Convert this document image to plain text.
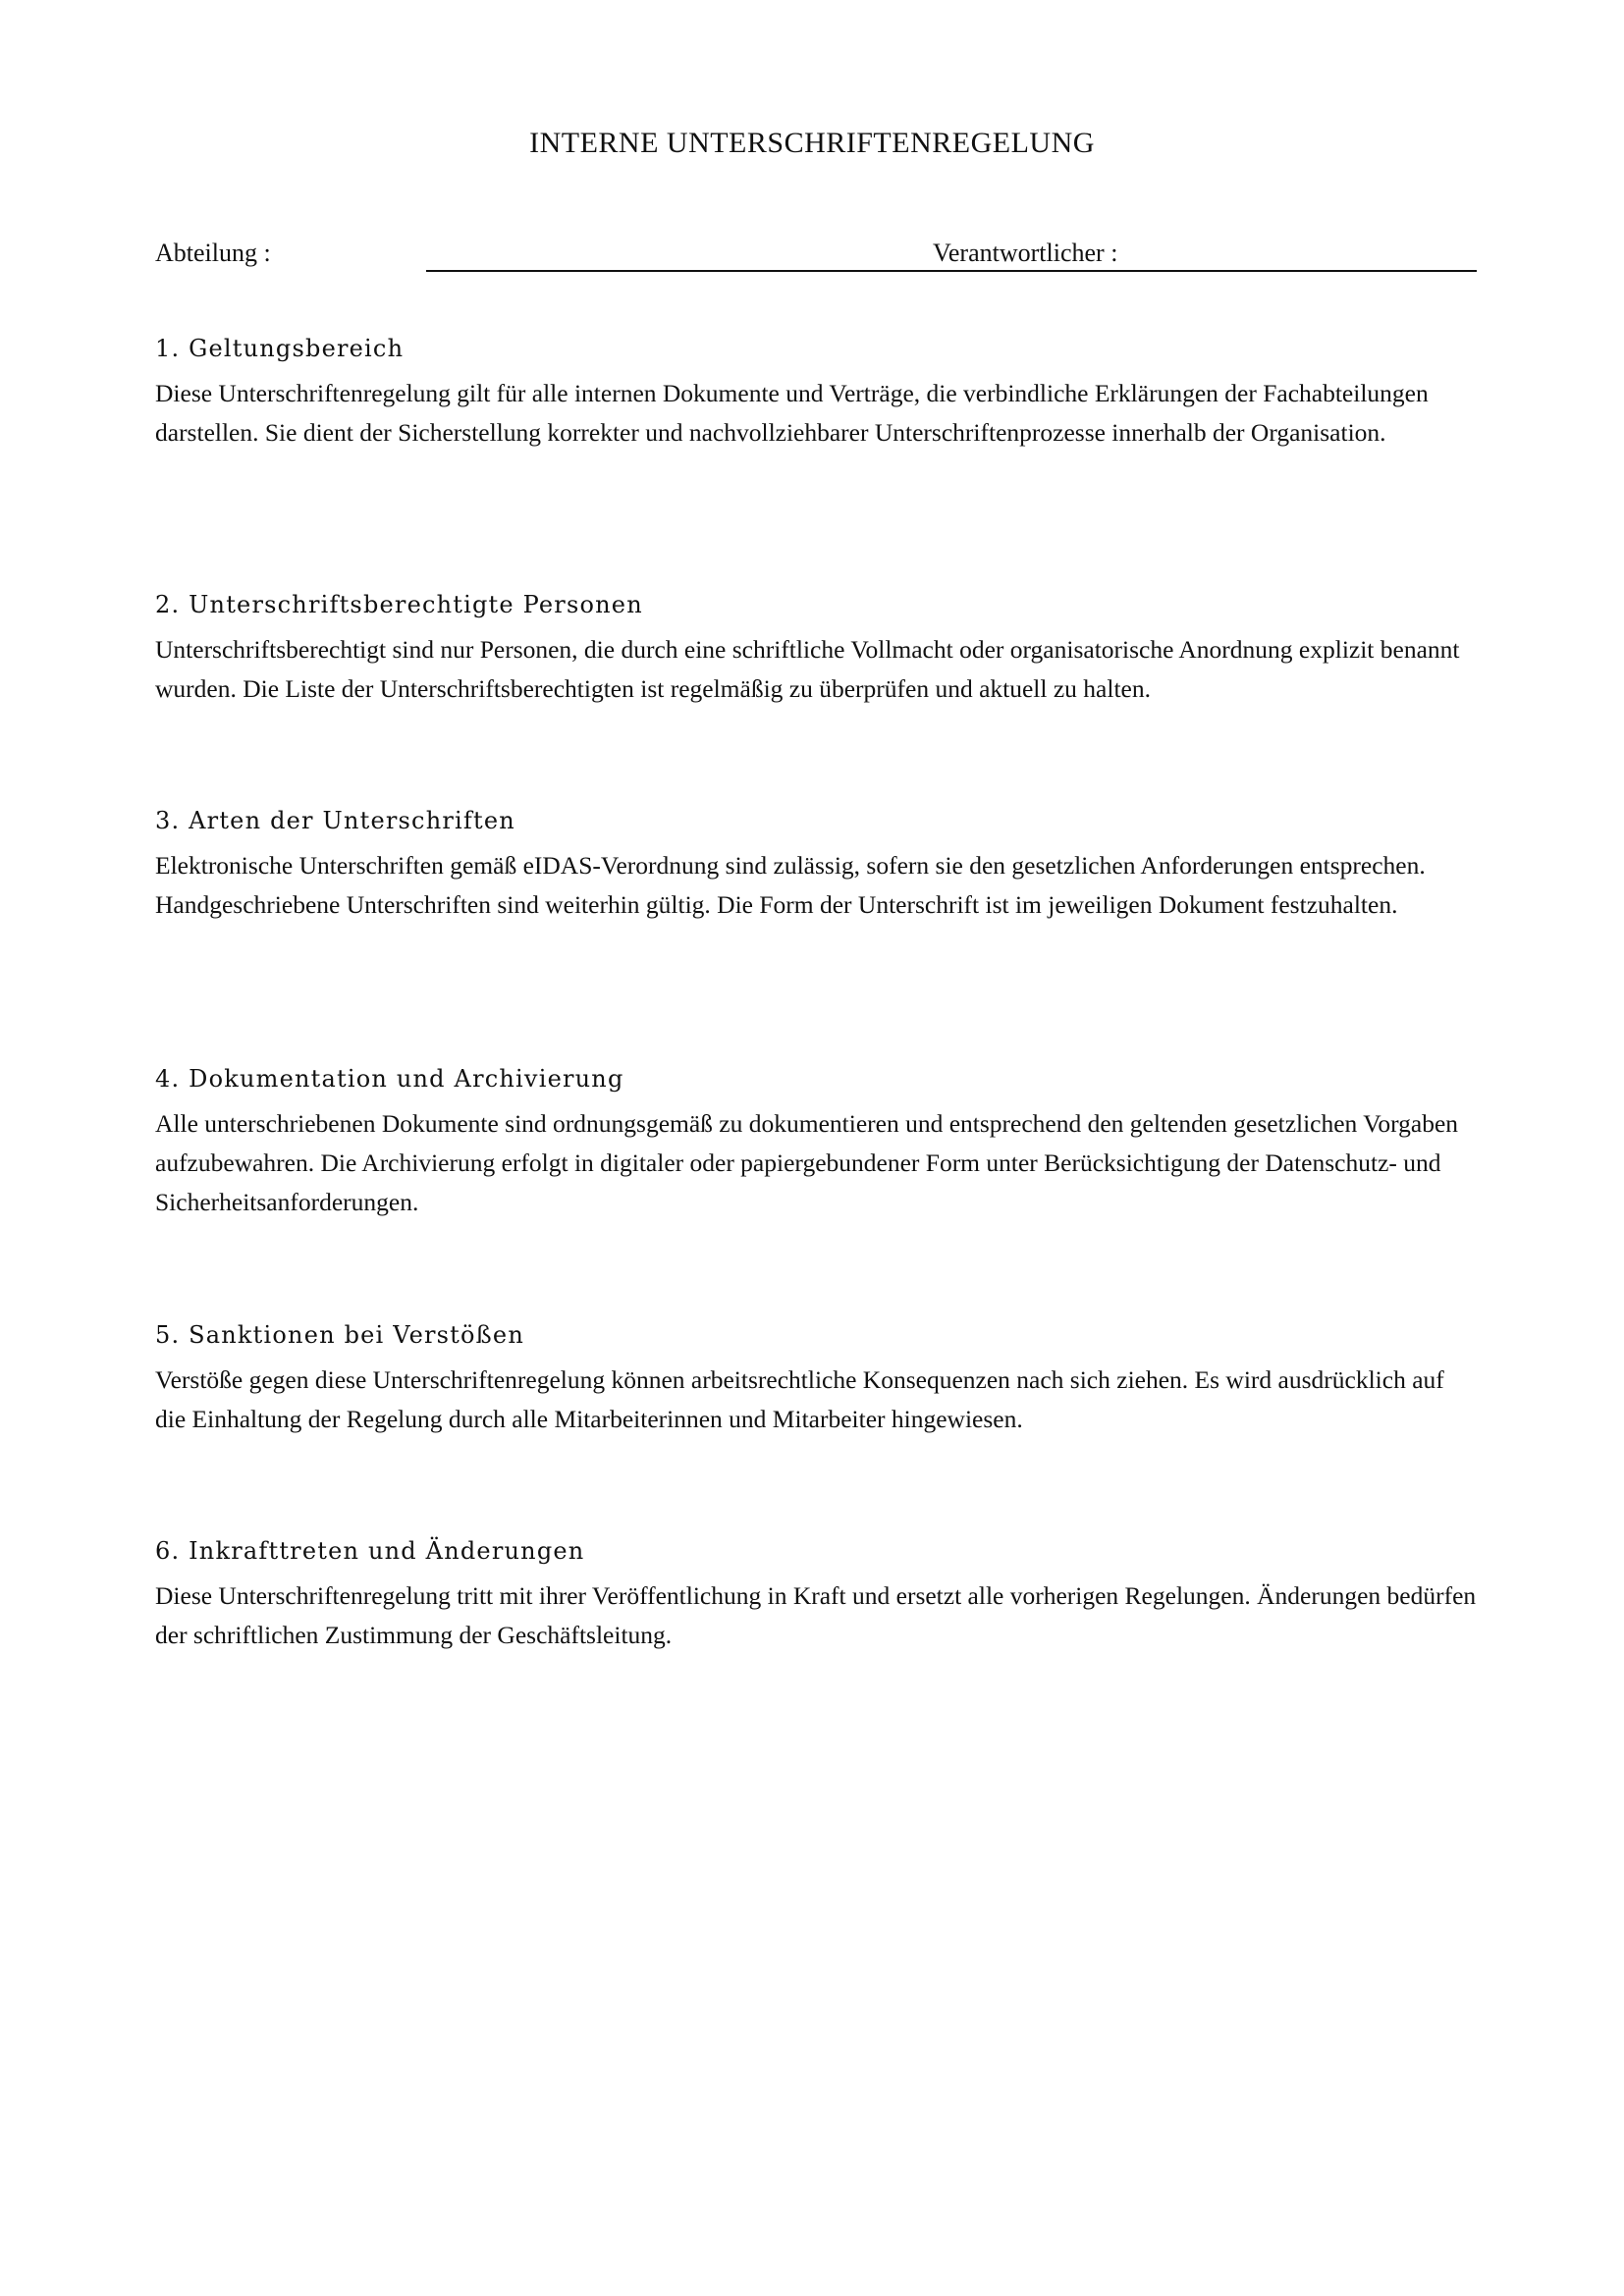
INTERNE UNTERSCHRIFTENREGELUNG
Abteilung :	Verantwortlicher :
1. Geltungsbereich

Diese Unterschriftenregelung gilt für alle internen Dokumente und Verträge, die verbindliche Erklärungen der Fachabteilungen darstellen. Sie dient der Sicherstellung korrekter und nachvollziehbarer Unterschriftenprozesse innerhalb der Organisation.

2. Unterschriftsberechtigte Personen

Unterschriftsberechtigt sind nur Personen, die durch eine schriftliche Vollmacht oder organisatorische Anordnung explizit benannt wurden. Die Liste der Unterschriftsberechtigten ist regelmäßig zu überprüfen und aktuell zu halten.

3. Arten der Unterschriften

Elektronische Unterschriften gemäß eIDAS-Verordnung sind zulässig, sofern sie den gesetzlichen Anforderungen entsprechen. Handgeschriebene Unterschriften sind weiterhin gültig. Die Form der Unterschrift ist im jeweiligen Dokument festzuhalten.

4. Dokumentation und Archivierung

Alle unterschriebenen Dokumente sind ordnungsgemäß zu dokumentieren und entsprechend den geltenden gesetzlichen Vorgaben aufzubewahren. Die Archivierung erfolgt in digitaler oder papiergebundener Form unter Berücksichtigung der Datenschutz- und Sicherheitsanforderungen.

5. Sanktionen bei Verstößen

Verstöße gegen diese Unterschriftenregelung können arbeitsrechtliche Konsequenzen nach sich ziehen. Es wird ausdrücklich auf die Einhaltung der Regelung durch alle Mitarbeiterinnen und Mitarbeiter hingewiesen.

6. Inkrafttreten und Änderungen

Diese Unterschriftenregelung tritt mit ihrer Veröffentlichung in Kraft und ersetzt alle vorherigen Regelungen. Änderungen bedürfen der schriftlichen Zustimmung der Geschäftsleitung.
